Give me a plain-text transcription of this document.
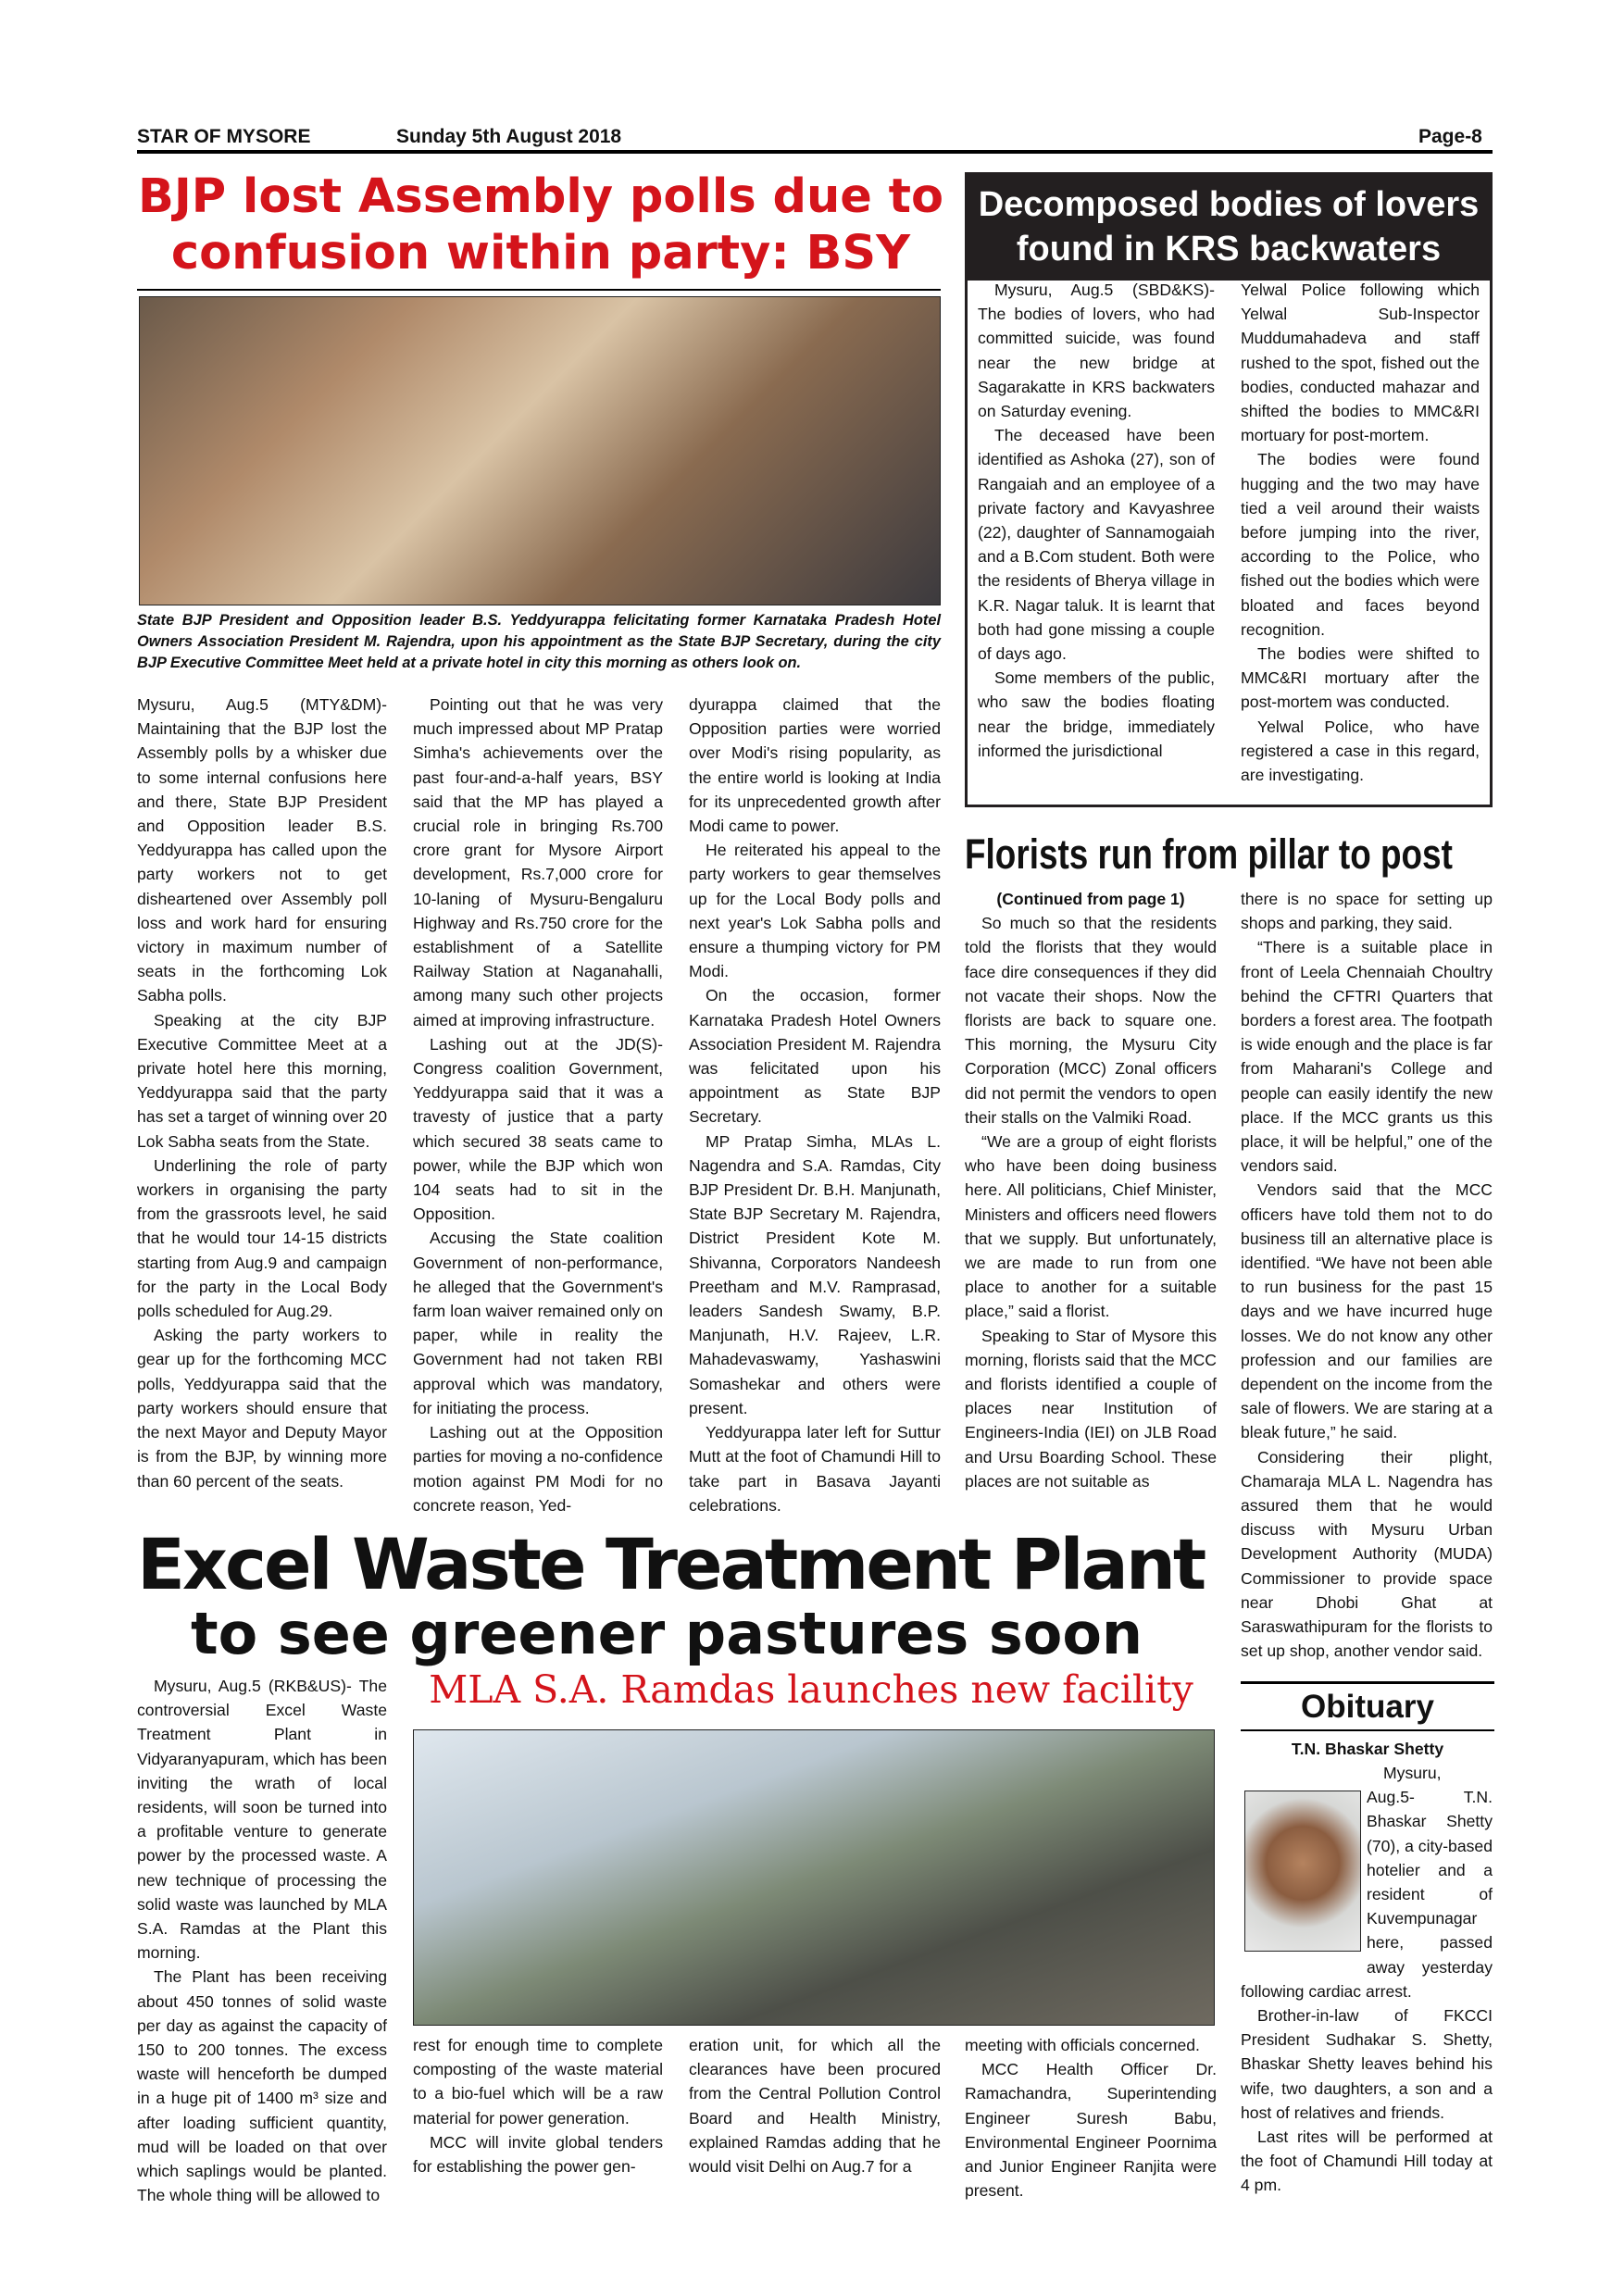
STAR OF MYSORE	Sunday 5th August 2018	Page-8
BJP lost Assembly polls due to
confusion within party: BSY
State BJP President and Opposition leader B.S. Yeddyurappa felicitating former Karnataka Pradesh Hotel Owners Association President M. Rajendra, upon his appointment as the State BJP Secretary, during the city BJP Executive Committee Meet held at a private hotel in city this morning as others look on.

Mysuru, Aug.5 (MTY&DM)- Maintaining that the BJP lost the Assembly polls by a whisker due to some internal confusions here and there, State BJP President and Opposition leader B.S. Yeddyurappa has called upon the party workers not to get disheartened over Assembly poll loss and work hard for ensuring victory in maximum number of seats in the forthcoming Lok Sabha polls.

Speaking at the city BJP Executive Committee Meet at a private hotel here this morning, Yeddyurappa said that the party has set a target of winning over 20 Lok Sabha seats from the State.

Underlining the role of party workers in organising the party from the grassroots level, he said that he would tour 14-15 districts starting from Aug.9 and campaign for the party in the Local Body polls scheduled for Aug.29.

Asking the party workers to gear up for the forthcoming MCC polls, Yeddyurappa said that the party workers should ensure that the next Mayor and Deputy Mayor is from the BJP, by winning more than 60 percent of the seats.

Pointing out that he was very much impressed about MP Pratap Simha's achievements over the past four-and-a-half years, BSY said that the MP has played a crucial role in bringing Rs.700 crore grant for Mysore Airport development, Rs.7,000 crore for 10-laning of Mysuru-Bengaluru Highway and Rs.750 crore for the establishment of a Satellite Railway Station at Naganahalli, among many such other projects aimed at improving infrastructure.

Lashing out at the JD(S)-Congress coalition Government, Yeddyurappa said that it was a travesty of justice that a party which secured 38 seats came to power, while the BJP which won 104 seats had to sit in the Opposition.

Accusing the State coalition Government of non-performance, he alleged that the Government's farm loan waiver remained only on paper, while in reality the Government had not taken RBI approval which was mandatory, for initiating the process.

Lashing out at the Opposition parties for moving a no-confidence motion against PM Modi for no concrete reason, Yed-

dyurappa claimed that the Opposition parties were worried over Modi's rising popularity, as the entire world is looking at India for its unprecedented growth after Modi came to power.

He reiterated his appeal to the party workers to gear themselves up for the Local Body polls and next year's Lok Sabha polls and ensure a thumping victory for PM Modi.

On the occasion, former Karnataka Pradesh Hotel Owners Association President M. Rajendra was felicitated upon his appointment as State BJP Secretary.

MP Pratap Simha, MLAs L. Nagendra and S.A. Ramdas, City BJP President Dr. B.H. Manjunath, State BJP Secretary M. Rajendra, District President Kote M. Shivanna, Corporators Nandeesh Preetham and M.V. Ramprasad, leaders Sandesh Swamy, B.P. Manjunath, H.V. Rajeev, L.R. Mahadevaswamy, Yashaswini Somashekar and others were present.

Yeddyurappa later left for Suttur Mutt at the foot of Chamundi Hill to take part in Basava Jayanti celebrations.

Decomposed bodies of lovers
found in KRS backwaters

Mysuru, Aug.5 (SBD&KS)- The bodies of lovers, who had committed suicide, was found near the new bridge at Sagarakatte in KRS backwaters on Saturday evening.

The deceased have been identified as Ashoka (27), son of Rangaiah and an employee of a private factory and Kavyashree (22), daughter of Sannamogaiah and a B.Com student. Both were the residents of Bherya village in K.R. Nagar taluk. It is learnt that both had gone missing a couple of days ago.

Some members of the public, who saw the bodies floating near the bridge, immediately informed the jurisdictional

Yelwal Police following which Yelwal Sub-Inspector Muddumahadeva and staff rushed to the spot, fished out the bodies, conducted mahazar and shifted the bodies to MMC&RI mortuary for post-mortem.

The bodies were found hugging and the two may have tied a veil around their waists before jumping into the river, according to the Police, who fished out the bodies which were bloated and faces beyond recognition.

The bodies were shifted to MMC&RI mortuary after the post-mortem was conducted.

Yelwal Police, who have registered a case in this regard, are investigating.

Florists run from pillar to post

(Continued from page 1)

So much so that the residents told the florists that they would face dire consequences if they did not vacate their shops. Now the florists are back to square one. This morning, the Mysuru City Corporation (MCC) Zonal officers did not permit the vendors to open their stalls on the Valmiki Road.

“We are a group of eight florists who have been doing business here. All politicians, Chief Minister, Ministers and officers need flowers that we supply. But unfortunately, we are made to run from one place to another for a suitable place,” said a florist.

Speaking to Star of Mysore this morning, florists said that the MCC and florists identified a couple of places near Institution of Engineers-India (IEI) on JLB Road and Ursu Boarding School. These places are not suitable as

there is no space for setting up shops and parking, they said.

“There is a suitable place in front of Leela Chennaiah Choultry behind the CFTRI Quarters that borders a forest area. The footpath is wide enough and the place is far from Maharani's College and people can easily identify the new place. If the MCC grants us this place, it will be helpful,” one of the vendors said.

Vendors said that the MCC officers have told them not to do business till an alternative place is identified. “We have not been able to run business for the past 15 days and we have incurred huge losses. We do not know any other profession and our families are dependent on the income from the sale of flowers. We are staring at a bleak future,” he said.

Considering their plight, Chamaraja MLA L. Nagendra has assured them that he would discuss with Mysuru Urban Development Authority (MUDA) Commissioner to provide space near Dhobi Ghat at Saraswathipuram for the florists to set up shop, another vendor said.

Excel Waste Treatment Plant
to see greener pastures soon
MLA S.A. Ramdas launches new facility

Mysuru, Aug.5 (RKB&US)- The controversial Excel Waste Treatment Plant in Vidyaranyapuram, which has been inviting the wrath of local residents, will soon be turned into a profitable venture to generate power by the processed waste. A new technique of processing the solid waste was launched by MLA S.A. Ramdas at the Plant this morning.

The Plant has been receiving about 450 tonnes of solid waste per day as against the capacity of 150 to 200 tonnes. The excess waste will henceforth be dumped in a huge pit of 1400 m³ size and after loading sufficient quantity, mud will be loaded on that over which saplings would be planted. The whole thing will be allowed to

rest for enough time to complete composting of the waste material to a bio-fuel which will be a raw material for power generation.

MCC will invite global tenders for establishing the power gen-

eration unit, for which all the clearances have been procured from the Central Pollution Control Board and Health Ministry, explained Ramdas adding that he would visit Delhi on Aug.7 for a

meeting with officials concerned.

MCC Health Officer Dr. Ramachandra, Superintending Engineer Suresh Babu, Environmental Engineer Poornima and Junior Engineer Ranjita were present.

Obituary
T.N. Bhaskar Shetty

Mysuru, Aug.5- T.N. Bhaskar Shetty (70), a city-based hotelier and a resident of Kuvempunagar here, passed away yesterday following cardiac arrest.

Brother-in-law of FKCCI President Sudhakar S. Shetty, Bhaskar Shetty leaves behind his wife, two daughters, a son and a host of relatives and friends.

Last rites will be performed at the foot of Chamundi Hill today at 4 pm.
